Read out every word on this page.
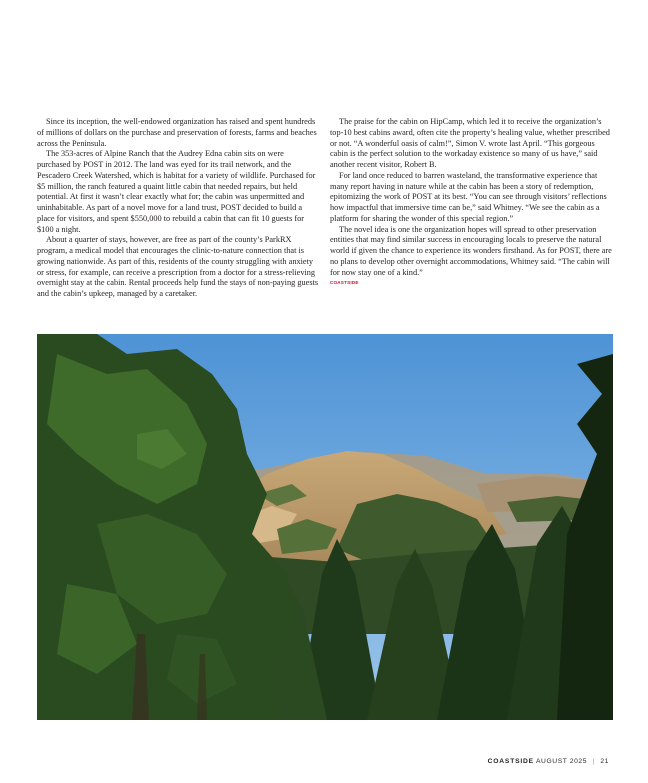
Since its inception, the well-endowed organization has raised and spent hundreds of millions of dollars on the purchase and preservation of forests, farms and beaches across the Peninsula.

The 353-acres of Alpine Ranch that the Audrey Edna cabin sits on were purchased by POST in 2012. The land was eyed for its trail network, and the Pescadero Creek Watershed, which is habitat for a variety of wildlife. Purchased for $5 million, the ranch featured a quaint little cabin that needed repairs, but held potential. At first it wasn’t clear exactly what for; the cabin was unpermitted and uninhabitable. As part of a novel move for a land trust, POST decided to build a place for visitors, and spent $550,000 to rebuild a cabin that can fit 10 guests for $100 a night.

About a quarter of stays, however, are free as part of the county’s ParkRX program, a medical model that encourages the clinic-to-nature connection that is growing nationwide. As part of this, residents of the county struggling with anxiety or stress, for example, can receive a prescription from a doctor for a stress-relieving overnight stay at the cabin. Rental proceeds help fund the stays of non-paying guests and the cabin’s upkeep, managed by a caretaker.

The praise for the cabin on HipCamp, which led it to receive the organization’s top-10 best cabins award, often cite the property’s healing value, whether prescribed or not. “A wonderful oasis of calm!”, Simon V. wrote last April. “This gorgeous cabin is the perfect solution to the workaday existence so many of us have,” said another recent visitor, Robert B.

For land once reduced to barren wasteland, the transformative experience that many report having in nature while at the cabin has been a story of redemption, epitomizing the work of POST at its best. “You can see through visitors’ reflections how impactful that immersive time can be,” said Whitney. “We see the cabin as a platform for sharing the wonder of this special region.”

The novel idea is one the organization hopes will spread to other preservation entities that may find similar success in encouraging locals to preserve the natural world if given the chance to experience its wonders firsthand. As for POST, there are no plans to develop other overnight accommodations, Whitney said. “The cabin will for now stay one of a kind.”

COASTSIDE
COASTSIDE AUGUST 2025 | 21
